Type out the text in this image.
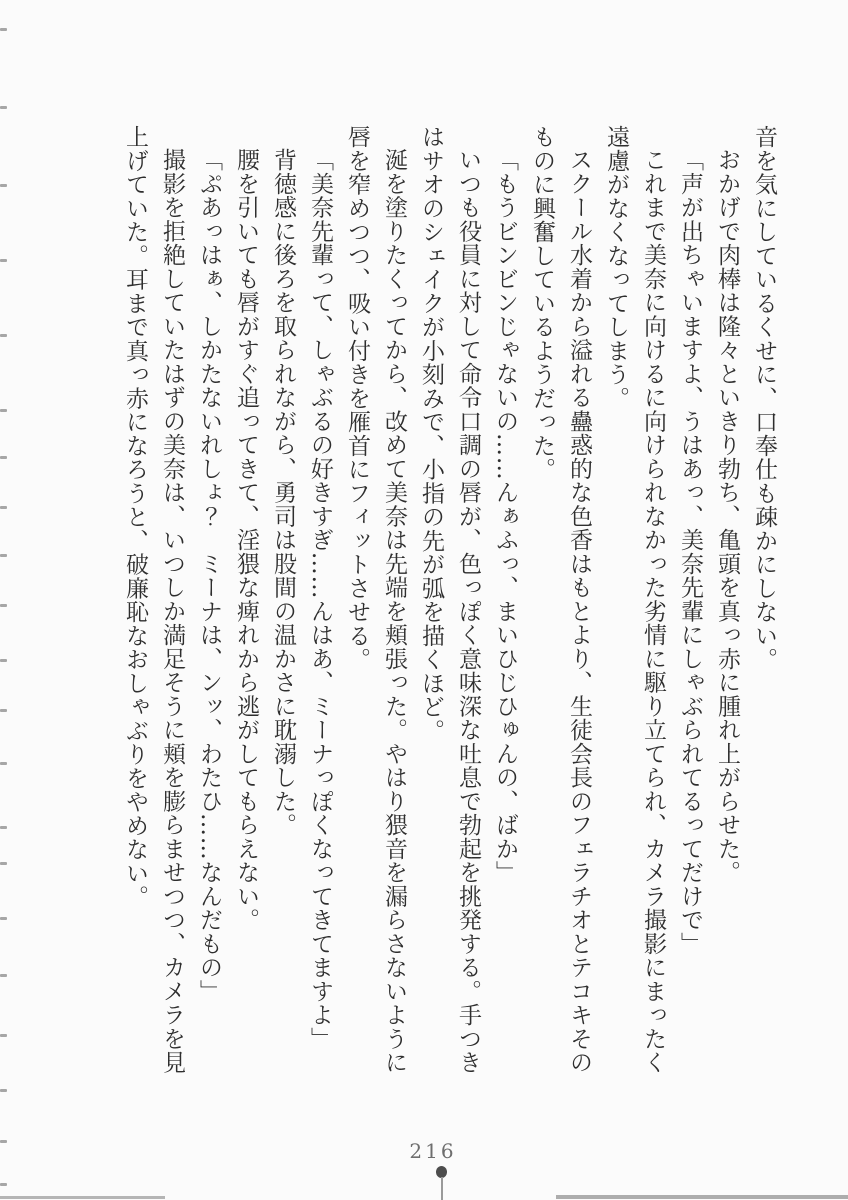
音を気にしているくせに、口奉仕も疎かにしない。

おかげで肉棒は隆々といきり勃ち、亀頭を真っ赤に腫れ上がらせた。

「声が出ちゃいますよ、うはあっ、美奈先輩にしゃぶられてるってだけで」

これまで美奈に向けるに向けられなかった劣情に駆り立てられ、カメラ撮影にまったく遠慮がなくなってしまう。

スクール水着から溢れる蠱惑的な色香はもとより、生徒会長のフェラチオとテコキそのものに興奮しているようだった。

「もうビンビンじゃないの……んぁふっ、まいひじひゅんの、ばか」

いつも役員に対して命令口調の唇が、色っぽく意味深な吐息で勃起を挑発する。手つきはサオのシェイクが小刻みで、小指の先が弧を描くほど。

涎を塗りたくってから、改めて美奈は先端を頬張った。やはり猥音を漏らさないように唇を窄めつつ、吸い付きを雁首にフィットさせる。

「美奈先輩って、しゃぶるの好きすぎ……んはあ、ミーナっぽくなってきてますよ」

背徳感に後ろを取られながら、勇司は股間の温かさに耽溺した。

腰を引いても唇がすぐ追ってきて、淫猥な痺れから逃がしてもらえない。

「ぷあっはぁ、しかたないれしょ？　ミーナは、ンッ、わたひ……なんだもの」

撮影を拒絶していたはずの美奈は、いつしか満足そうに頬を膨らませつつ、カメラを見上げていた。耳まで真っ赤になろうと、破廉恥なおしゃぶりをやめない。

216
